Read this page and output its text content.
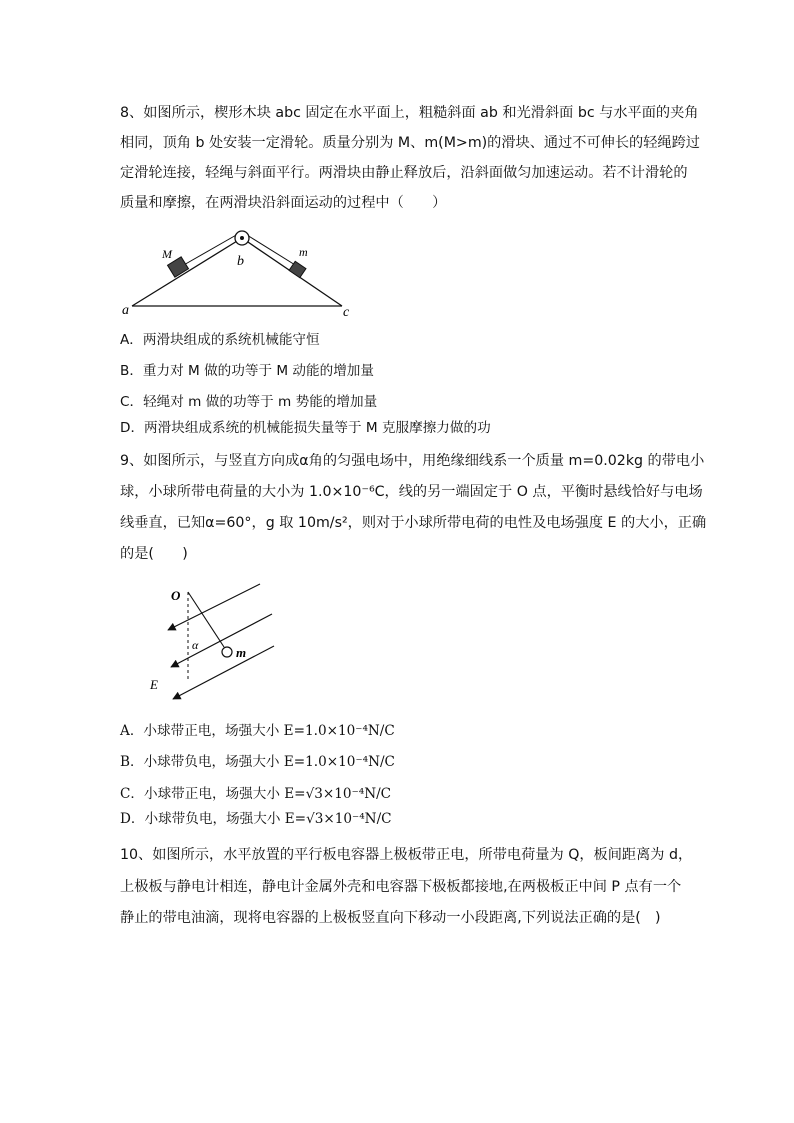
8、如图所示，楔形木块 abc 固定在水平面上，粗糙斜面 ab 和光滑斜面 bc 与水平面的夹角
相同，顶角 b 处安装一定滑轮。质量分别为 M、m(M>m)的滑块、通过不可伸长的轻绳跨过
定滑轮连接，轻绳与斜面平行。两滑块由静止释放后，沿斜面做匀加速运动。若不计滑轮的
质量和摩擦，在两滑块沿斜面运动的过程中（　　）
a
b
c
M	m
A．两滑块组成的系统机械能守恒
B．重力对 M 做的功等于 M 动能的增加量
C．轻绳对 m 做的功等于 m 势能的增加量
D．两滑块组成系统的机械能损失量等于 M 克服摩擦力做的功
9、如图所示，与竖直方向成α角的匀强电场中，用绝缘细线系一个质量 m=0.02kg 的带电小
球，小球所带电荷量的大小为 1.0×10⁻⁶C，线的另一端固定于 O 点，平衡时悬线恰好与电场
线垂直，已知α=60°，g 取 10m/s²，则对于小球所带电荷的电性及电场强度 E 的大小，正确
的是(　　)
O
α	m
E
A．小球带正电，场强大小 E=1.0×10⁻⁴N/C
B．小球带负电，场强大小 E=1.0×10⁻⁴N/C
C．小球带正电，场强大小 E=√3×10⁻⁴N/C
D．小球带负电，场强大小 E=√3×10⁻⁴N/C
10、如图所示，水平放置的平行板电容器上极板带正电，所带电荷量为 Q，板间距离为 d，
上极板与静电计相连，静电计金属外壳和电容器下极板都接地,在两极板正中间 P 点有一个
静止的带电油滴，现将电容器的上极板竖直向下移动一小段距离,下列说法正确的是(　)
